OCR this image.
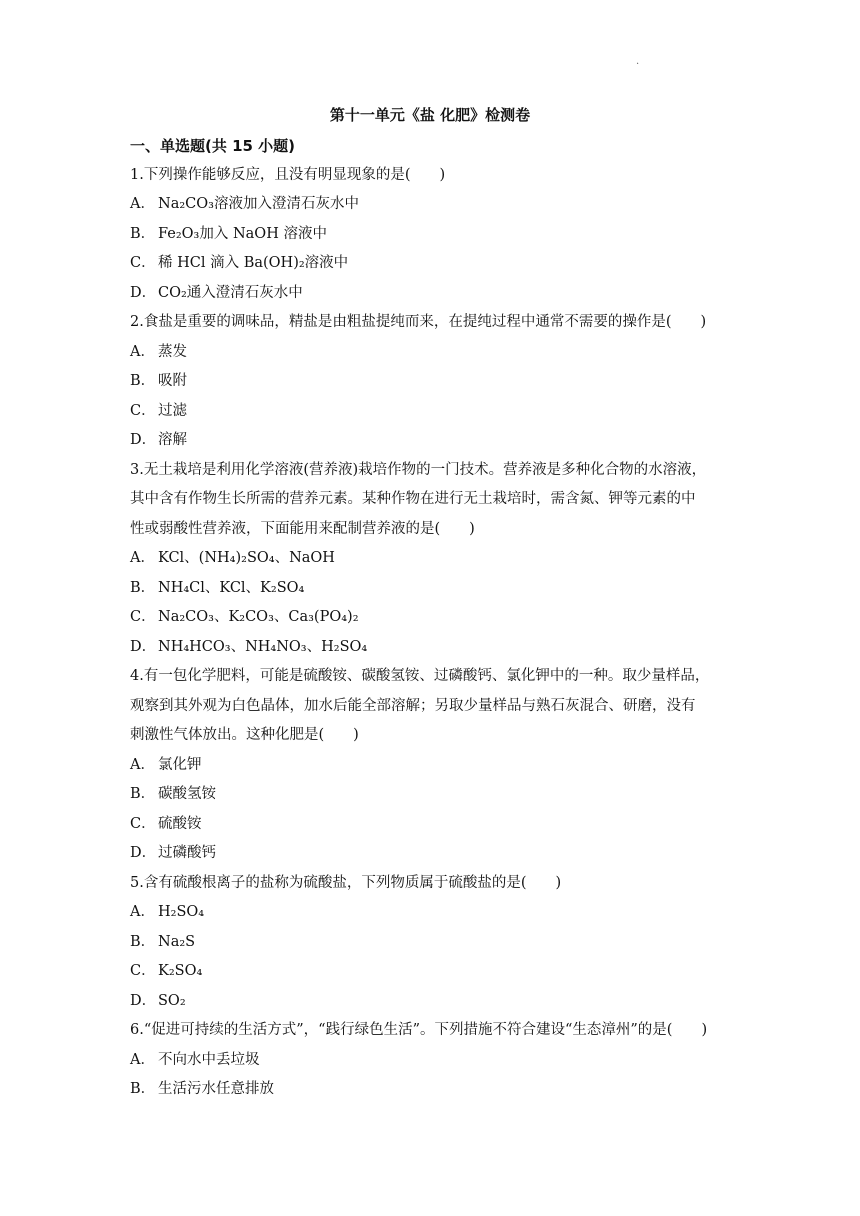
.
第十一单元《盐 化肥》检测卷
一、单选题(共 15 小题)
1.下列操作能够反应，且没有明显现象的是(　　)
A． Na₂CO₃溶液加入澄清石灰水中
B． Fe₂O₃加入 NaOH 溶液中
C． 稀 HCl 滴入 Ba(OH)₂溶液中
D． CO₂通入澄清石灰水中
2.食盐是重要的调味品，精盐是由粗盐提纯而来，在提纯过程中通常不需要的操作是(　　)
A． 蒸发
B． 吸附
C． 过滤
D． 溶解
3.无土栽培是利用化学溶液(营养液)栽培作物的一门技术。营养液是多种化合物的水溶液，
其中含有作物生长所需的营养元素。某种作物在进行无土栽培时，需含氮、钾等元素的中
性或弱酸性营养液，下面能用来配制营养液的是(　　)
A． KCl、(NH₄)₂SO₄、NaOH
B． NH₄Cl、KCl、K₂SO₄
C． Na₂CO₃、K₂CO₃、Ca₃(PO₄)₂
D． NH₄HCO₃、NH₄NO₃、H₂SO₄
4.有一包化学肥料，可能是硫酸铵、碳酸氢铵、过磷酸钙、氯化钾中的一种。取少量样品，
观察到其外观为白色晶体，加水后能全部溶解；另取少量样品与熟石灰混合、研磨，没有
刺激性气体放出。这种化肥是(　　)
A． 氯化钾
B． 碳酸氢铵
C． 硫酸铵
D． 过磷酸钙
5.含有硫酸根离子的盐称为硫酸盐，下列物质属于硫酸盐的是(　　)
A． H₂SO₄
B． Na₂S
C． K₂SO₄
D． SO₂
6.“促进可持续的生活方式”，“践行绿色生活”。下列措施不符合建设“生态漳州”的是(　　)
A． 不向水中丢垃圾
B． 生活污水任意排放
